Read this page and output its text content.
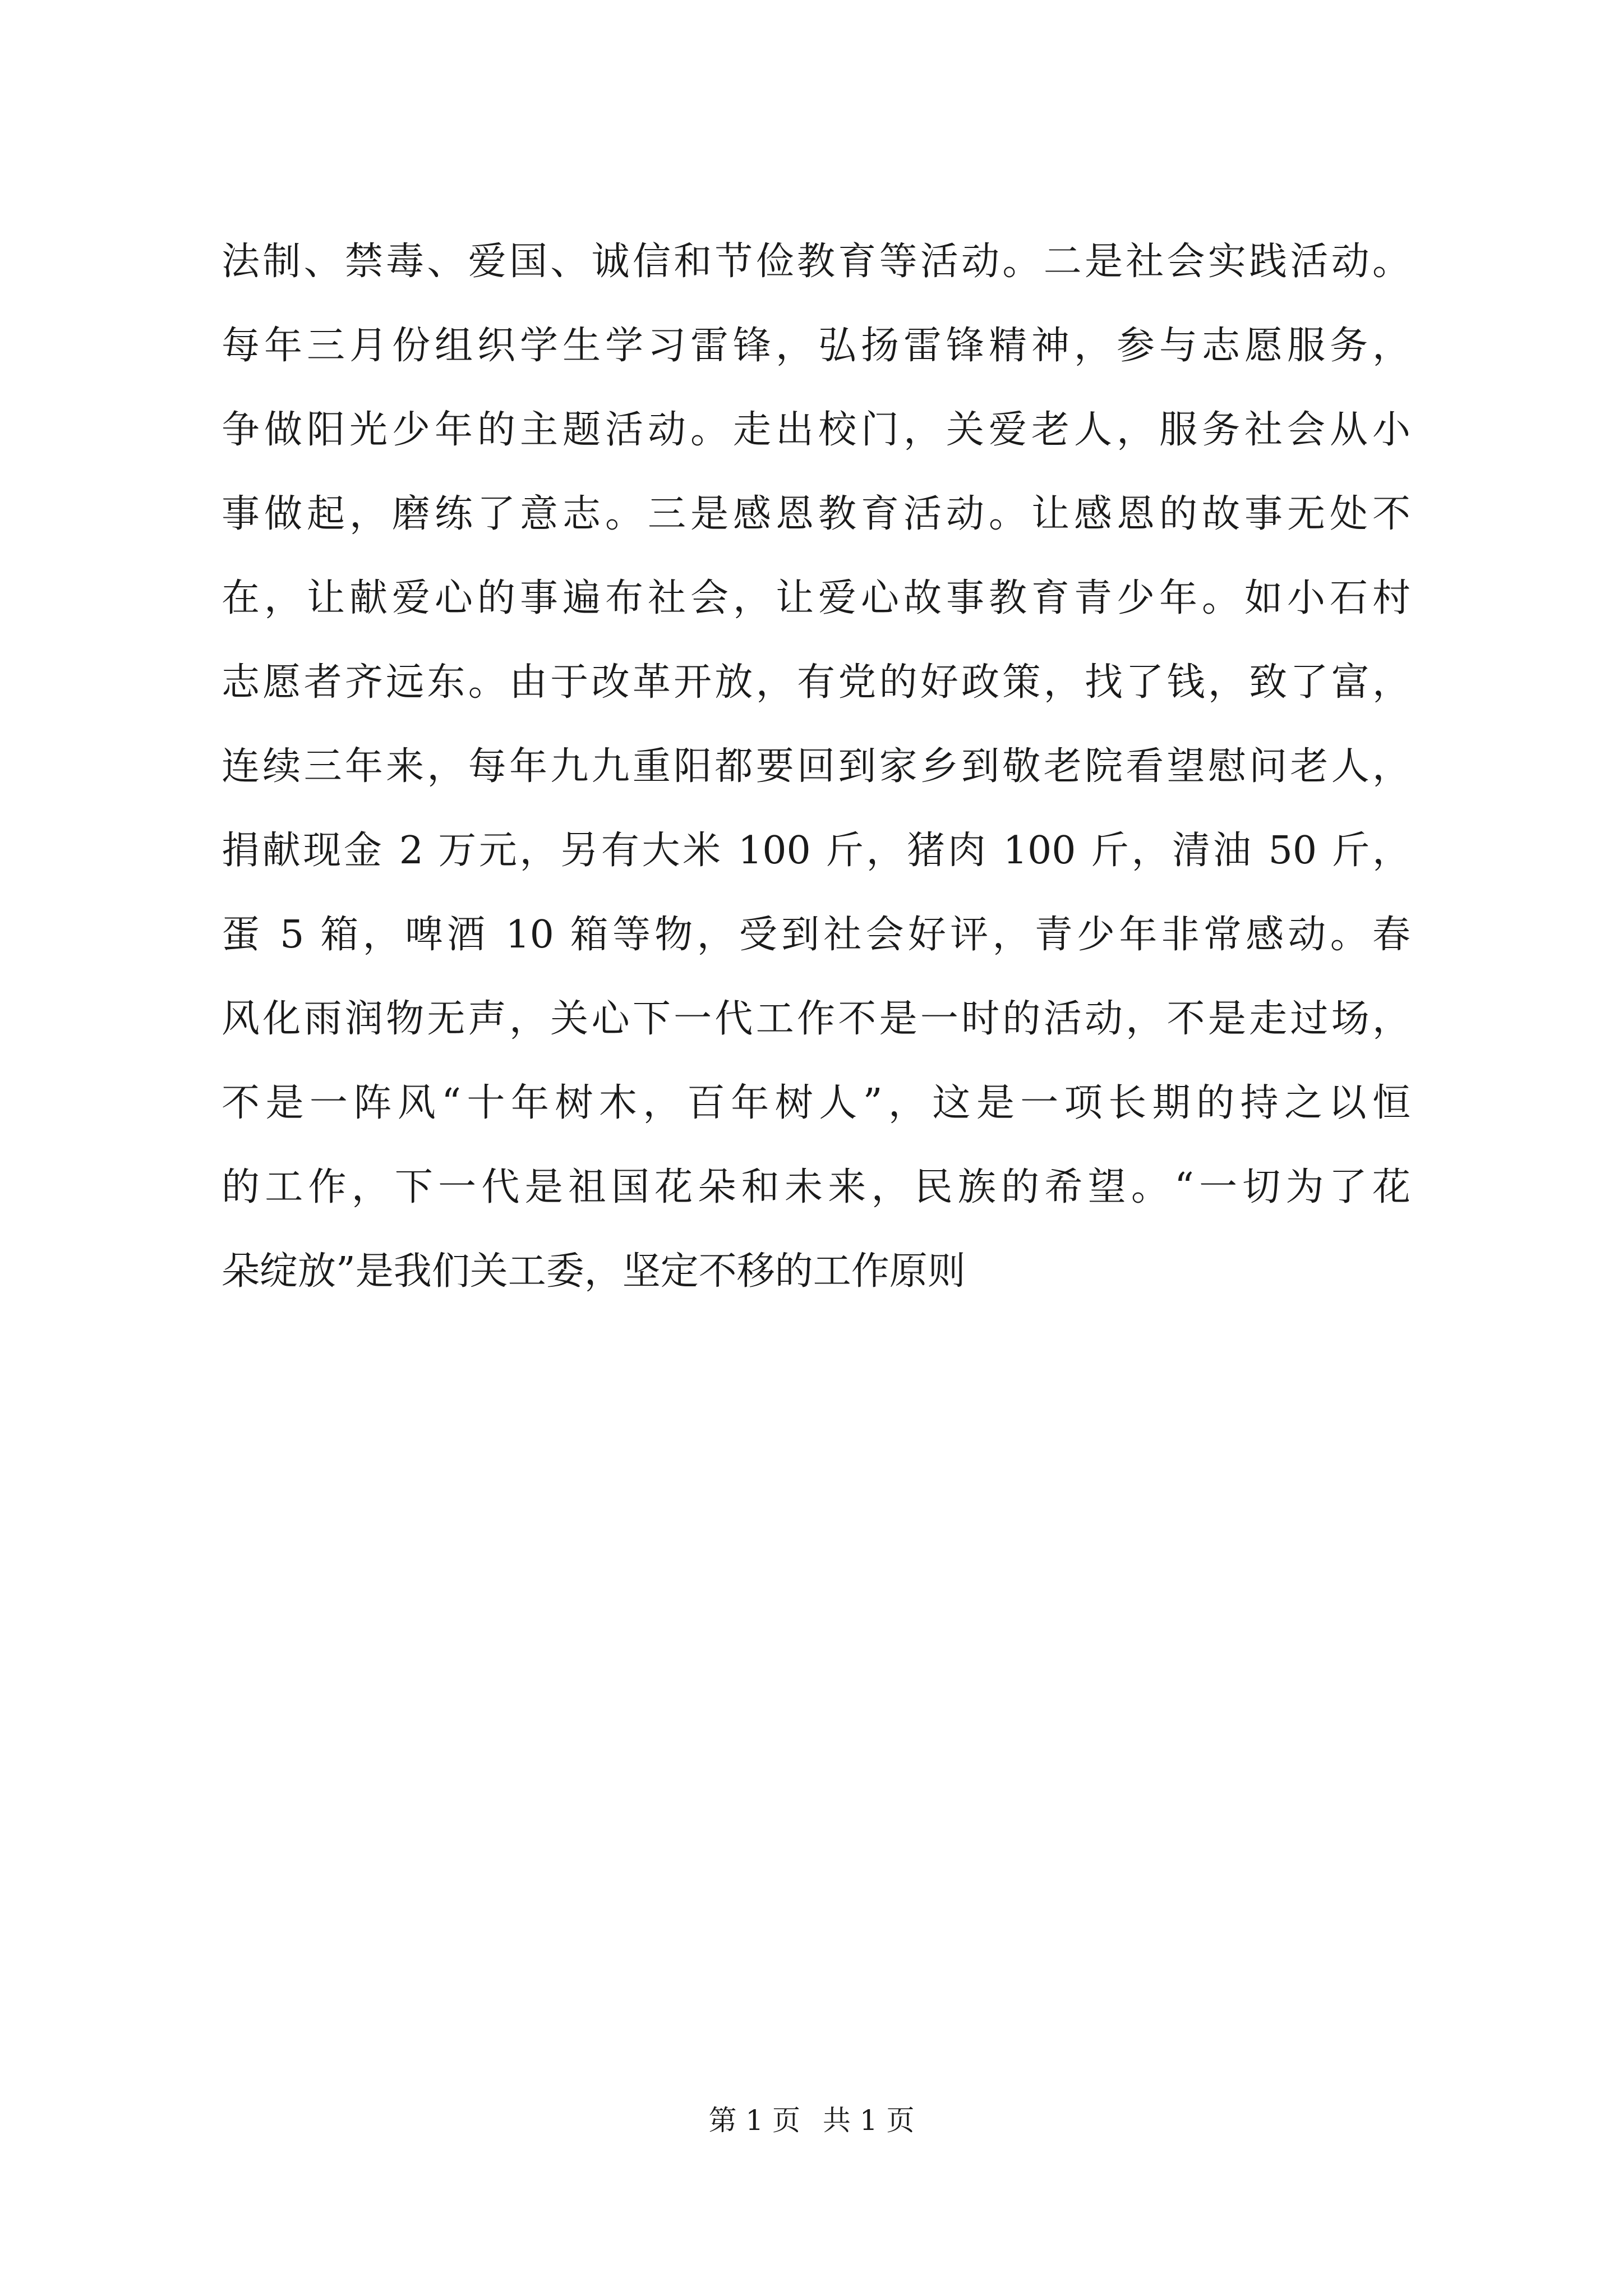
法制、禁毒、爱国、诚信和节俭教育等活动。二是社会实践活动。
每年三月份组织学生学习雷锋，弘扬雷锋精神，参与志愿服务，
争做阳光少年的主题活动。走出校门，关爱老人，服务社会从小
事做起，磨练了意志。三是感恩教育活动。让感恩的故事无处不
在，让献爱心的事遍布社会，让爱心故事教育青少年。如小石村
志愿者齐远东。由于改革开放，有党的好政策，找了钱，致了富，
连续三年来，每年九九重阳都要回到家乡到敬老院看望慰问老人，
捐献现金 2 万元，另有大米 100 斤，猪肉 100 斤，清油 50 斤，
蛋 5 箱，啤酒 10 箱等物，受到社会好评，青少年非常感动。春
风化雨润物无声，关心下一代工作不是一时的活动，不是走过场，
不是一阵风“十年树木，百年树人”，这是一项长期的持之以恒
的工作，下一代是祖国花朵和未来，民族的希望。“一切为了花
朵绽放”是我们关工委，坚定不移的工作原则
第 1 页 共 1 页
